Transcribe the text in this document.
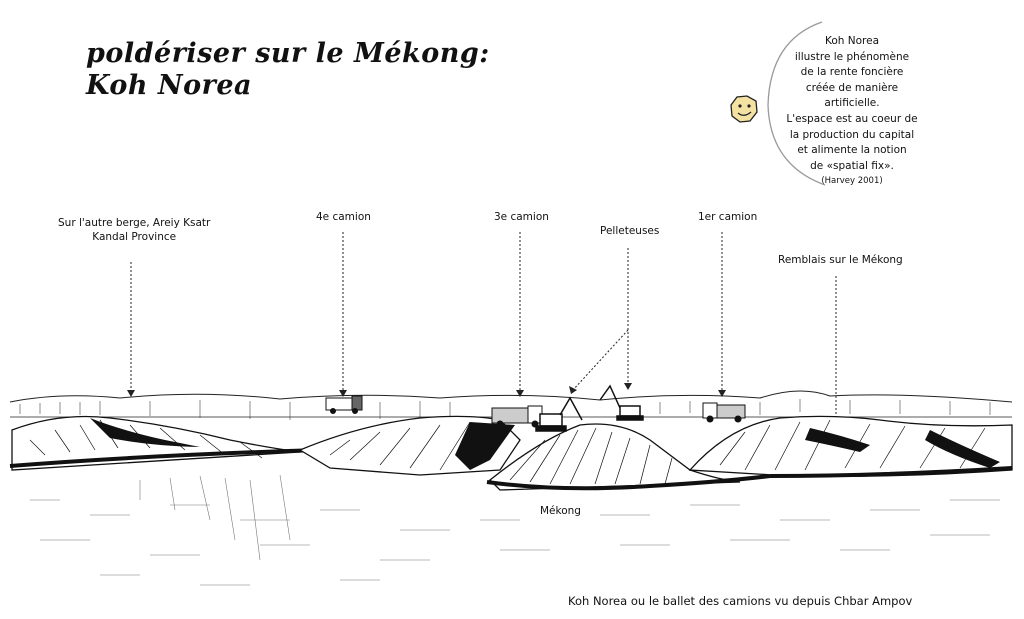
poldériser sur le Mékong:
Koh Norea
Koh Norea
illustre le phénomène
de la rente foncière
créée de manière artificielle.
L'espace est au coeur de
la production du capital
et alimente la notion
de «spatial fix».
(Harvey 2001)
Sur l'autre berge, Areiy Ksatr
Kandal Province
4e camion	3e camion
Pelleteuses
1er camion
Remblais sur le Mékong
Mékong
Koh Norea ou le ballet des camions vu depuis Chbar Ampov
